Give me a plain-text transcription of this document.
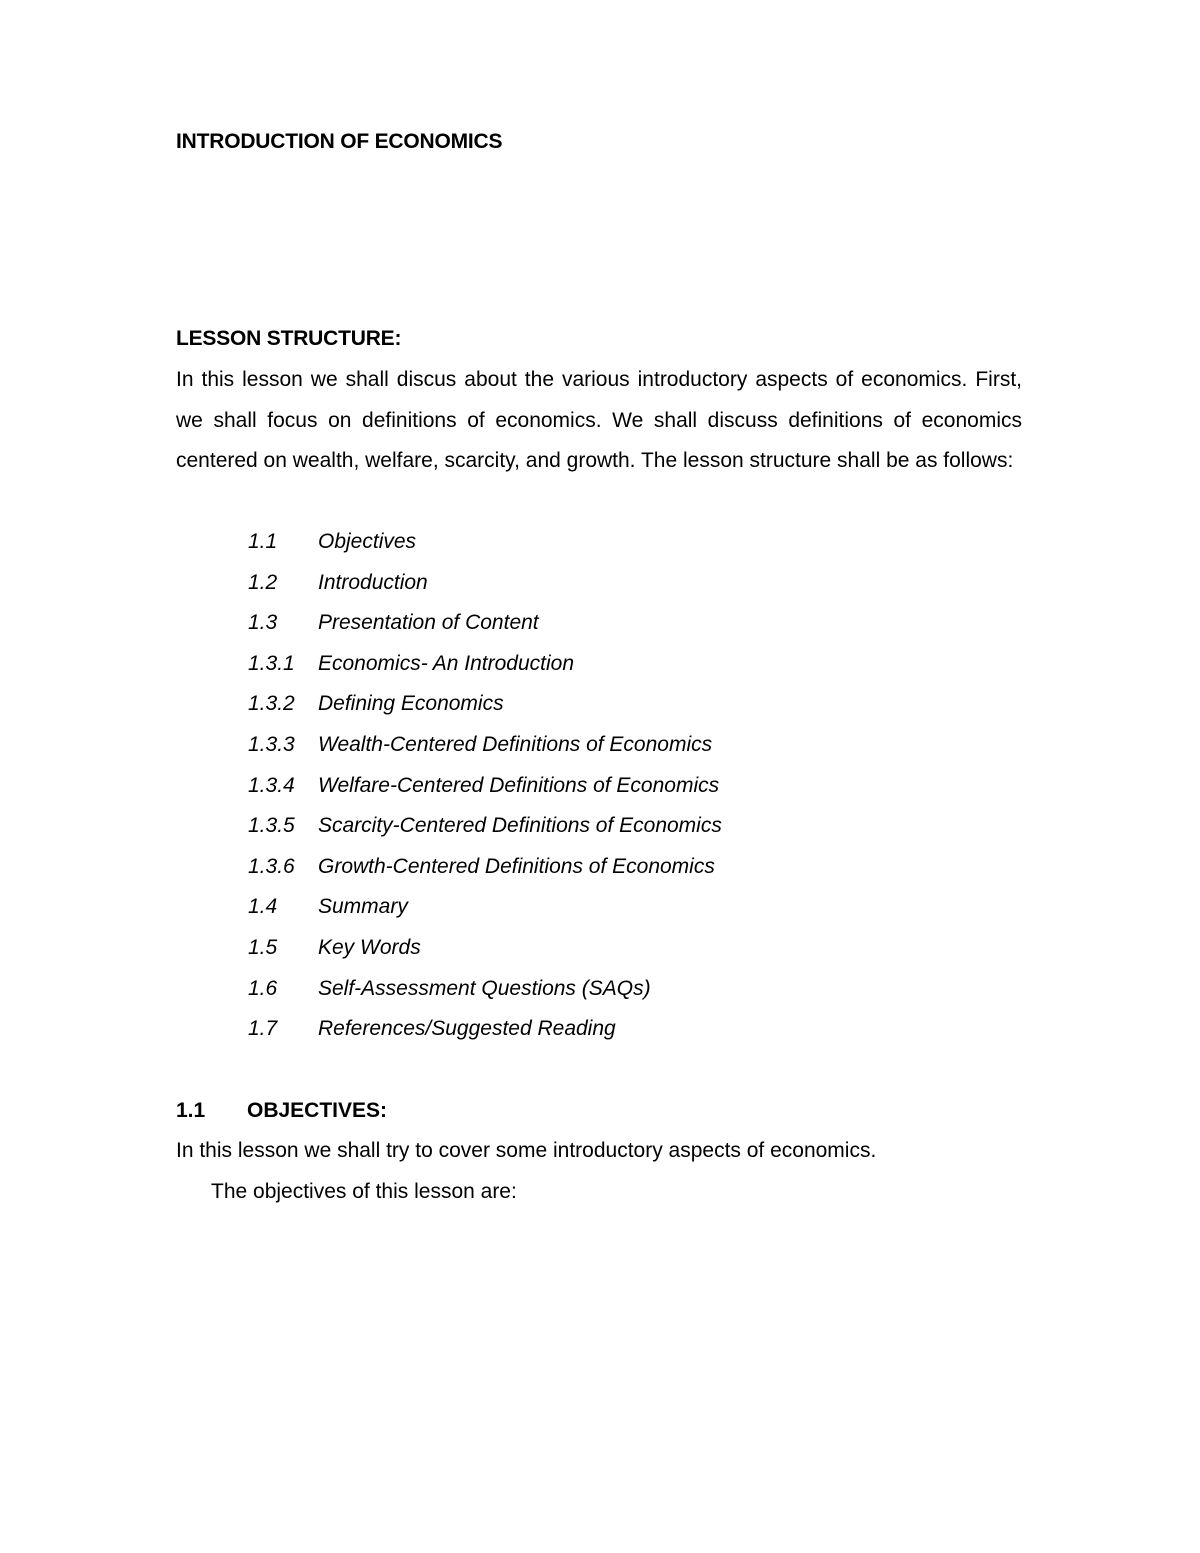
INTRODUCTION OF ECONOMICS
LESSON STRUCTURE:

In this lesson we shall discus about the various introductory aspects of economics. First, we shall focus on definitions of economics. We shall discuss definitions of economics centered on wealth, welfare, scarcity, and growth. The lesson structure shall be as follows:

1.1 Objectives
1.2 Introduction
1.3 Presentation of Content
1.3.1 Economics- An Introduction
1.3.2 Defining Economics
1.3.3 Wealth-Centered Definitions of Economics
1.3.4 Welfare-Centered Definitions of Economics
1.3.5 Scarcity-Centered Definitions of Economics
1.3.6 Growth-Centered Definitions of Economics
1.4 Summary
1.5 Key Words
1.6 Self-Assessment Questions (SAQs)
1.7 References/Suggested Reading
1.1 OBJECTIVES:

In this lesson we shall try to cover some introductory aspects of economics.

The objectives of this lesson are:
